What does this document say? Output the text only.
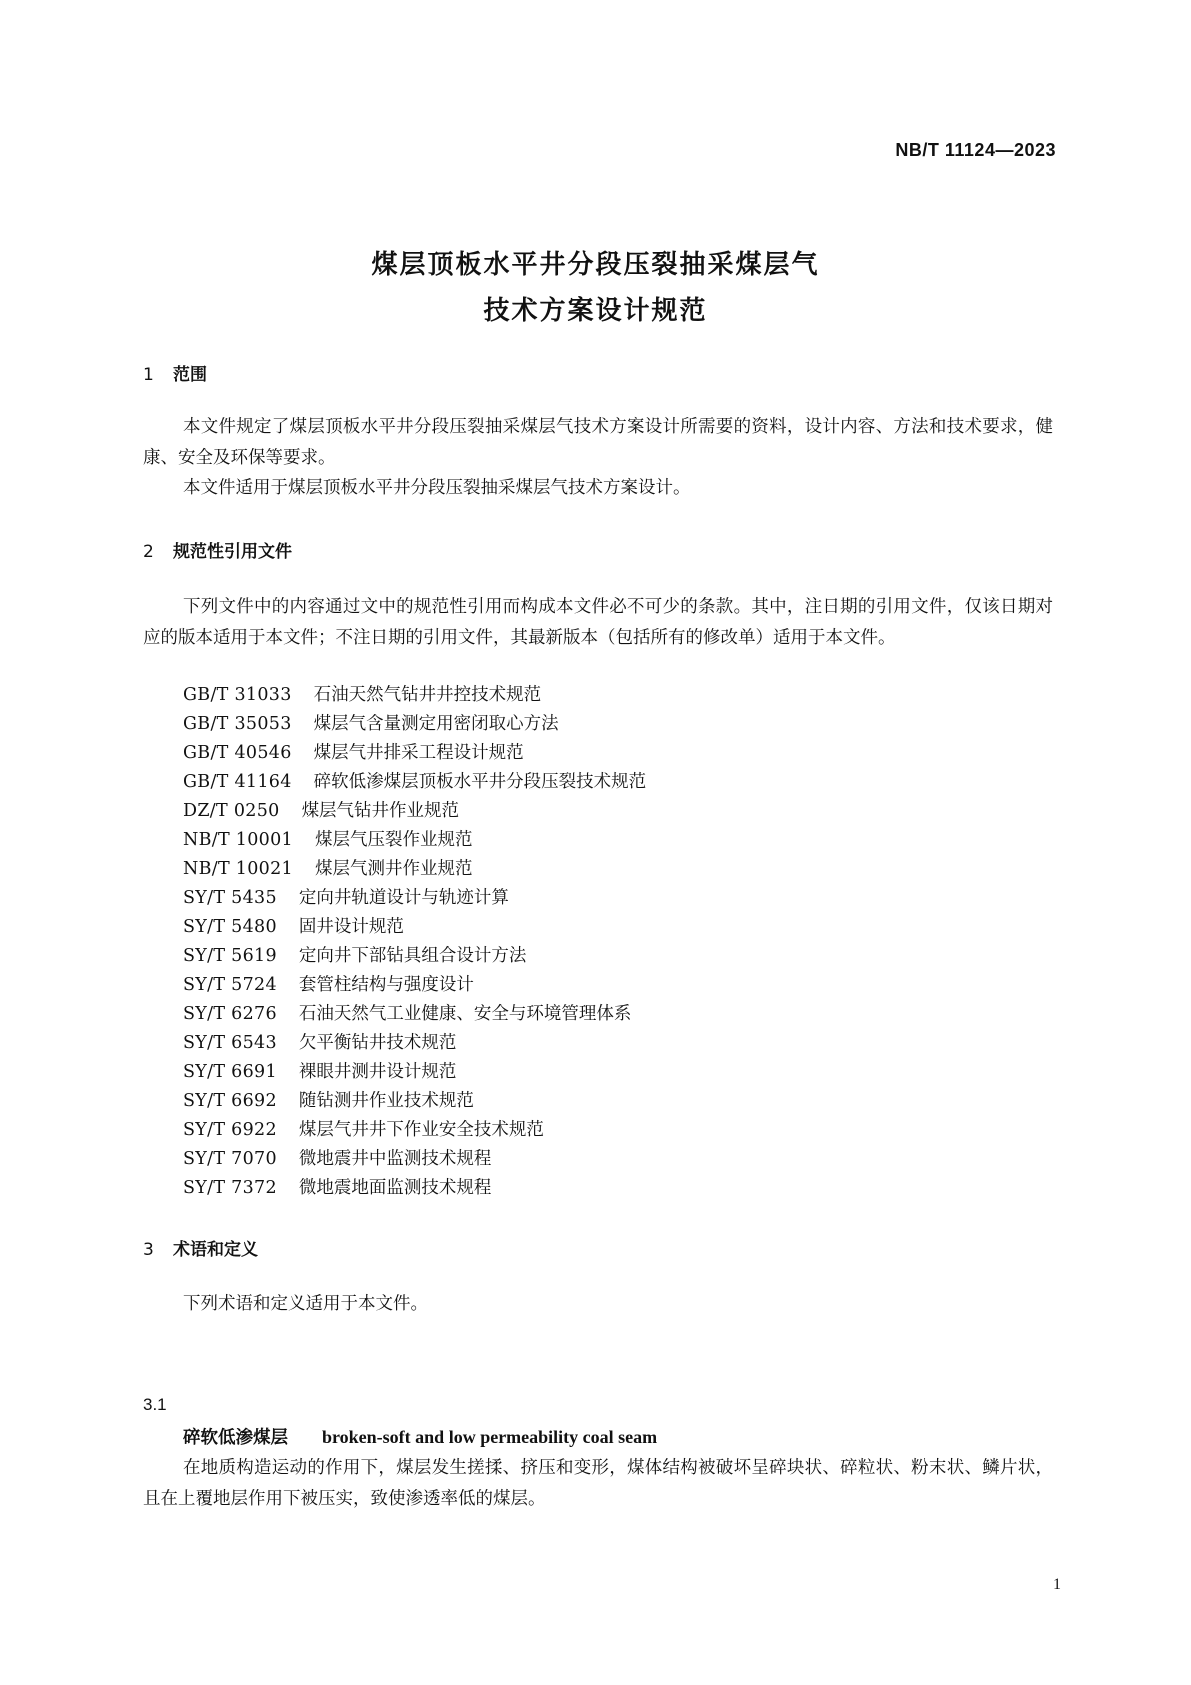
NB/T 11124—2023
煤层顶板水平井分段压裂抽采煤层气
技术方案设计规范
1 范围
本文件规定了煤层顶板水平井分段压裂抽采煤层气技术方案设计所需要的资料，设计内容、方法和技术要求，健康、安全及环保等要求。
本文件适用于煤层顶板水平井分段压裂抽采煤层气技术方案设计。
2 规范性引用文件
下列文件中的内容通过文中的规范性引用而构成本文件必不可少的条款。其中，注日期的引用文件，仅该日期对应的版本适用于本文件；不注日期的引用文件，其最新版本（包括所有的修改单）适用于本文件。
GB/T 31033 石油天然气钻井井控技术规范
GB/T 35053 煤层气含量测定用密闭取心方法
GB/T 40546 煤层气井排采工程设计规范
GB/T 41164 碎软低渗煤层顶板水平井分段压裂技术规范
DZ/T 0250 煤层气钻井作业规范
NB/T 10001 煤层气压裂作业规范
NB/T 10021 煤层气测井作业规范
SY/T 5435 定向井轨道设计与轨迹计算
SY/T 5480 固井设计规范
SY/T 5619 定向井下部钻具组合设计方法
SY/T 5724 套管柱结构与强度设计
SY/T 6276 石油天然气工业健康、安全与环境管理体系
SY/T 6543 欠平衡钻井技术规范
SY/T 6691 裸眼井测井设计规范
SY/T 6692 随钻测井作业技术规范
SY/T 6922 煤层气井井下作业安全技术规范
SY/T 7070 微地震井中监测技术规程
SY/T 7372 微地震地面监测技术规程
3 术语和定义
下列术语和定义适用于本文件。
3.1
碎软低渗煤层 broken-soft and low permeability coal seam
在地质构造运动的作用下，煤层发生搓揉、挤压和变形，煤体结构被破坏呈碎块状、碎粒状、粉末状、鳞片状，且在上覆地层作用下被压实，致使渗透率低的煤层。
1
